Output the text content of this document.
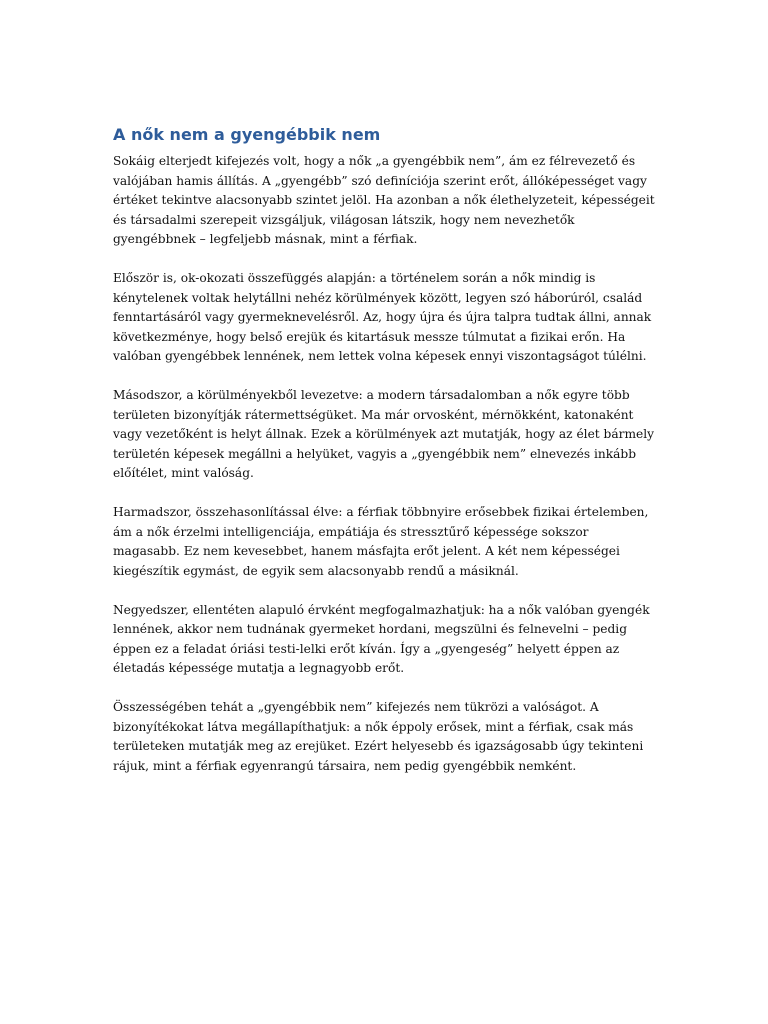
A nők nem a gyengébbik nem

Sokáig elterjedt kifejezés volt, hogy a nők „a gyengébbik nem”, ám ez félrevezető és valójában hamis állítás. A „gyengébb” szó definíciója szerint erőt, állóképességet vagy értéket tekintve alacsonyabb szintet jelöl. Ha azonban a nők élethelyzeteit, képességeit és társadalmi szerepeit vizsgáljuk, világosan látszik, hogy nem nevezhetők gyengébbnek – legfeljebb másnak, mint a férfiak.

Először is, ok-okozati összefüggés alapján: a történelem során a nők mindig is kénytelenek voltak helytállni nehéz körülmények között, legyen szó háborúról, család fenntartásáról vagy gyermeknevelésről. Az, hogy újra és újra talpra tudtak állni, annak következménye, hogy belső erejük és kitartásuk messze túlmutat a fizikai erőn. Ha valóban gyengébbek lennének, nem lettek volna képesek ennyi viszontagságot túlélni.

Másodszor, a körülményekből levezetve: a modern társadalomban a nők egyre több területen bizonyítják rátermettségüket. Ma már orvosként, mérnökként, katonaként vagy vezetőként is helyt állnak. Ezek a körülmények azt mutatják, hogy az élet bármely területén képesek megállni a helyüket, vagyis a „gyengébbik nem” elnevezés inkább előítélet, mint valóság.

Harmadszor, összehasonlítással élve: a férfiak többnyire erősebbek fizikai értelemben, ám a nők érzelmi intelligenciája, empátiája és stressztűrő képessége sokszor magasabb. Ez nem kevesebbet, hanem másfajta erőt jelent. A két nem képességei kiegészítik egymást, de egyik sem alacsonyabb rendű a másiknál.

Negyedszer, ellentéten alapuló érvként megfogalmazhatjuk: ha a nők valóban gyengék lennének, akkor nem tudnának gyermeket hordani, megszülni és felnevelni – pedig éppen ez a feladat óriási testi-lelki erőt kíván. Így a „gyengeség” helyett éppen az életadás képessége mutatja a legnagyobb erőt.

Összességében tehát a „gyengébbik nem” kifejezés nem tükrözi a valóságot. A bizonyítékokat látva megállapíthatjuk: a nők éppoly erősek, mint a férfiak, csak más területeken mutatják meg az erejüket. Ezért helyesebb és igazságosabb úgy tekinteni rájuk, mint a férfiak egyenrangú társaira, nem pedig gyengébbik nemként.
